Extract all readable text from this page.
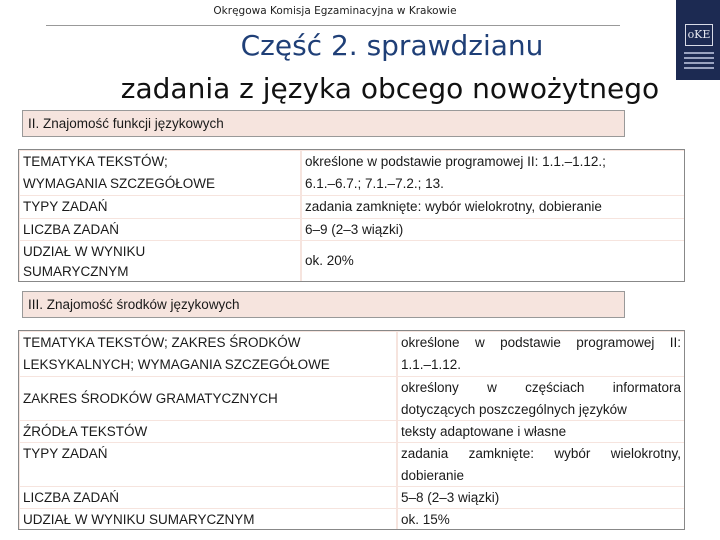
Okręgowa Komisja Egzaminacyjna w Krakowie
oKE
Część 2. sprawdzianu
zadania z języka obcego nowożytnego
II. Znajomość funkcji językowych
TEMATYKA TEKSTÓW;
WYMAGANIA SZCZEGÓŁOWE
TYPY ZADAŃ
LICZBA ZADAŃ
UDZIAŁ W WYNIKU
SUMARYCZNYM
określone w podstawie programowej II: 1.1.–1.12.;
6.1.–6.7.; 7.1.–7.2.; 13.
zadania zamknięte: wybór wielokrotny, dobieranie
6–9 (2–3 wiązki)
ok. 20%
III. Znajomość środków językowych
TEMATYKA TEKSTÓW; ZAKRES ŚRODKÓW
LEKSYKALNYCH; WYMAGANIA SZCZEGÓŁOWE
ZAKRES ŚRODKÓW GRAMATYCZNYCH
ŹRÓDŁA TEKSTÓW
TYPY ZADAŃ
LICZBA ZADAŃ
UDZIAŁ W WYNIKU SUMARYCZNYM
określone w podstawie programowej II:
1.1.–1.12.
określony w częściach informatora
dotyczących poszczególnych języków
teksty adaptowane i własne
zadania zamknięte: wybór wielokrotny,
dobieranie
5–8 (2–3 wiązki)
ok. 15%
